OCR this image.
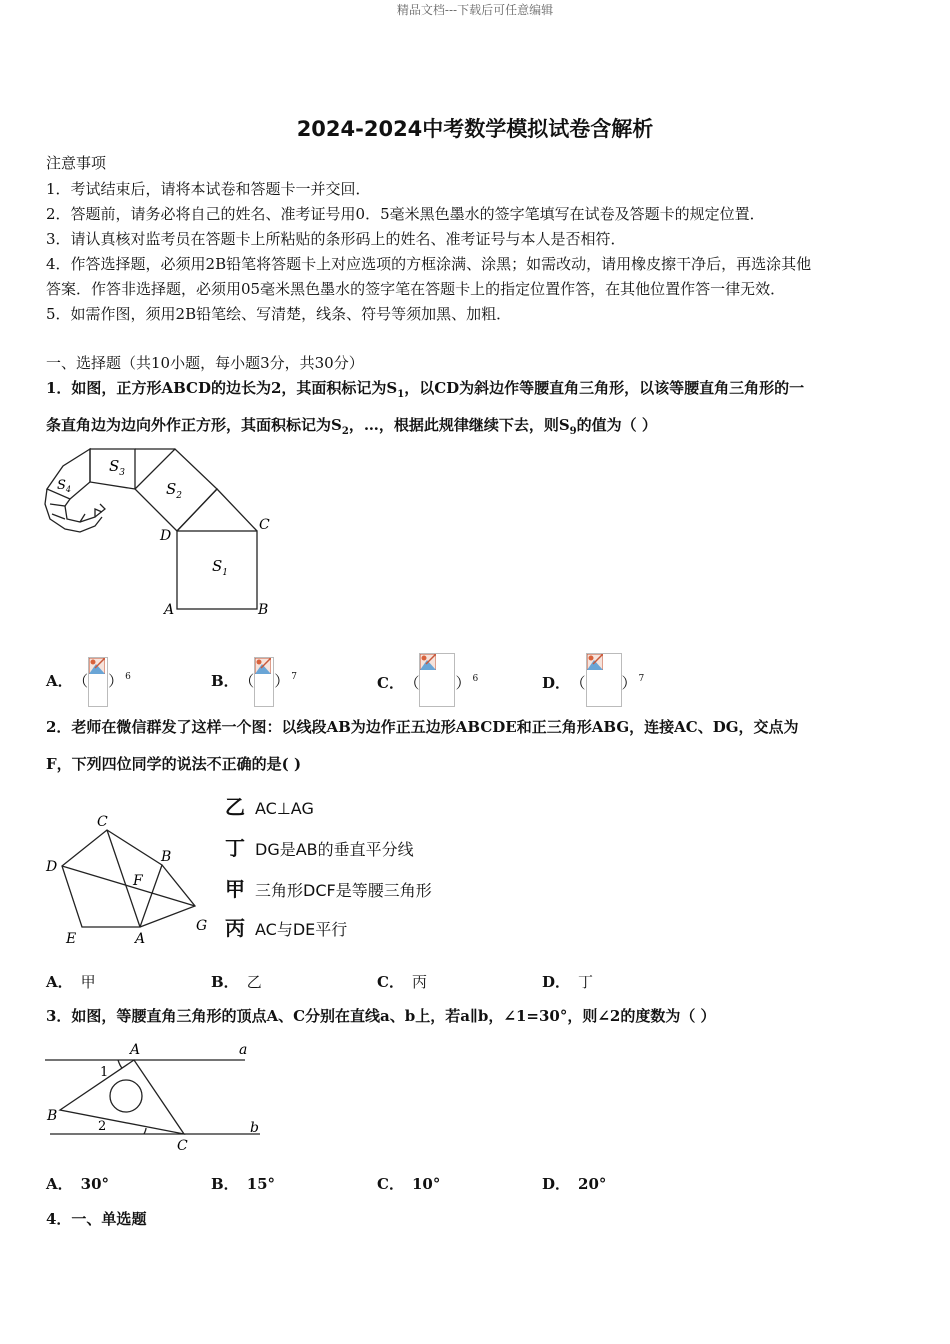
精品文档---下载后可任意编辑
2024-2024中考数学模拟试卷含解析
注意事项
1．考试结束后，请将本试卷和答题卡一并交回．
2．答题前，请务必将自己的姓名、准考证号用0．5毫米黑色墨水的签字笔填写在试卷及答题卡的规定位置．
3．请认真核对监考员在答题卡上所粘贴的条形码上的姓名、准考证号与本人是否相符．
4．作答选择题，必须用2B铅笔将答题卡上对应选项的方框涂满、涂黑；如需改动，请用橡皮擦干净后，再选涂其他
答案．作答非选择题，必须用05毫米黑色墨水的签字笔在答题卡上的指定位置作答，在其他位置作答一律无效．
5．如需作图，须用2B铅笔绘、写清楚，线条、符号等须加黑、加粗．
一、选择题（共10小题，每小题3分，共30分）
1．如图，正方形ABCD的边长为2，其面积标记为$S_1$，以CD为斜边作等腰直角三角形，以该等腰直角三角形的一
条直角边为边向外作正方形，其面积标记为$S_2$，…，根据此规律继续下去，则$S_9$的值为（ ）
$S_1$
$S_2$
$S_3$
$S_4$
A	B
C
D
A． （ ） $^6$	B． （ ） $^7$	C． （ ） $^6$	D． （ ） $^7$
2．老师在微信群发了这样一个图：以线段AB为边作正五边形ABCDE和正三角形ABG，连接AC、DG，交点为
F，下列四位同学的说法不正确的是( )
C
B
D
F
E	A
G
乙 AC⊥AG
丁 DG是AB的垂直平分线
甲 三角形DCF是等腰三角形
丙 AC与DE平行
A． 甲	B． 乙	C． 丙	D． 丁
3．如图，等腰直角三角形的顶点A、C分别在直线a、b上，若a∥b，∠1=30°，则∠2的度数为（ ）
A	a
1
B
2	b
C
A． 30°	B． 15°	C． 10°	D． 20°
4．一、单选题
